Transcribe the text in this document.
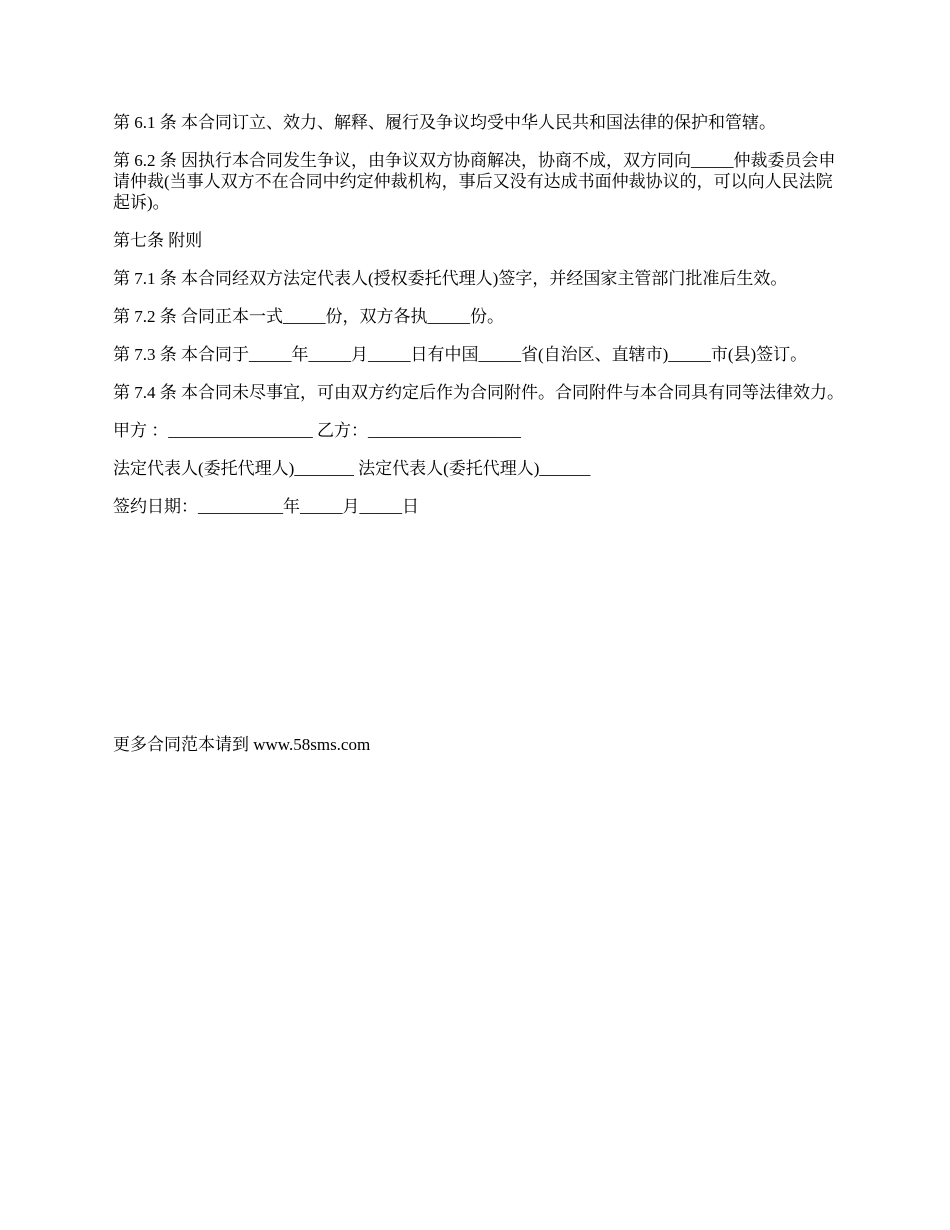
第 6.1 条 本合同订立、效力、解释、履行及争议均受中华人民共和国法律的保护和管辖。

第 6.2 条 因执行本合同发生争议，由争议双方协商解决，协商不成，双方同向_____仲裁委员会申请仲裁(当事人双方不在合同中约定仲裁机构，事后又没有达成书面仲裁协议的，可以向人民法院起诉)。

第七条 附则

第 7.1 条 本合同经双方法定代表人(授权委托代理人)签字，并经国家主管部门批准后生效。

第 7.2 条 合同正本一式_____份，双方各执_____份。

第 7.3 条 本合同于_____年_____月_____日有中国_____省(自治区、直辖市)_____市(县)签订。

第 7.4 条 本合同未尽事宜，可由双方约定后作为合同附件。合同附件与本合同具有同等法律效力。

甲方 ：_________________ 乙方：__________________

法定代表人(委托代理人)_______ 法定代表人(委托代理人)______

签约日期：__________年_____月_____日

更多合同范本请到 www.58sms.com
